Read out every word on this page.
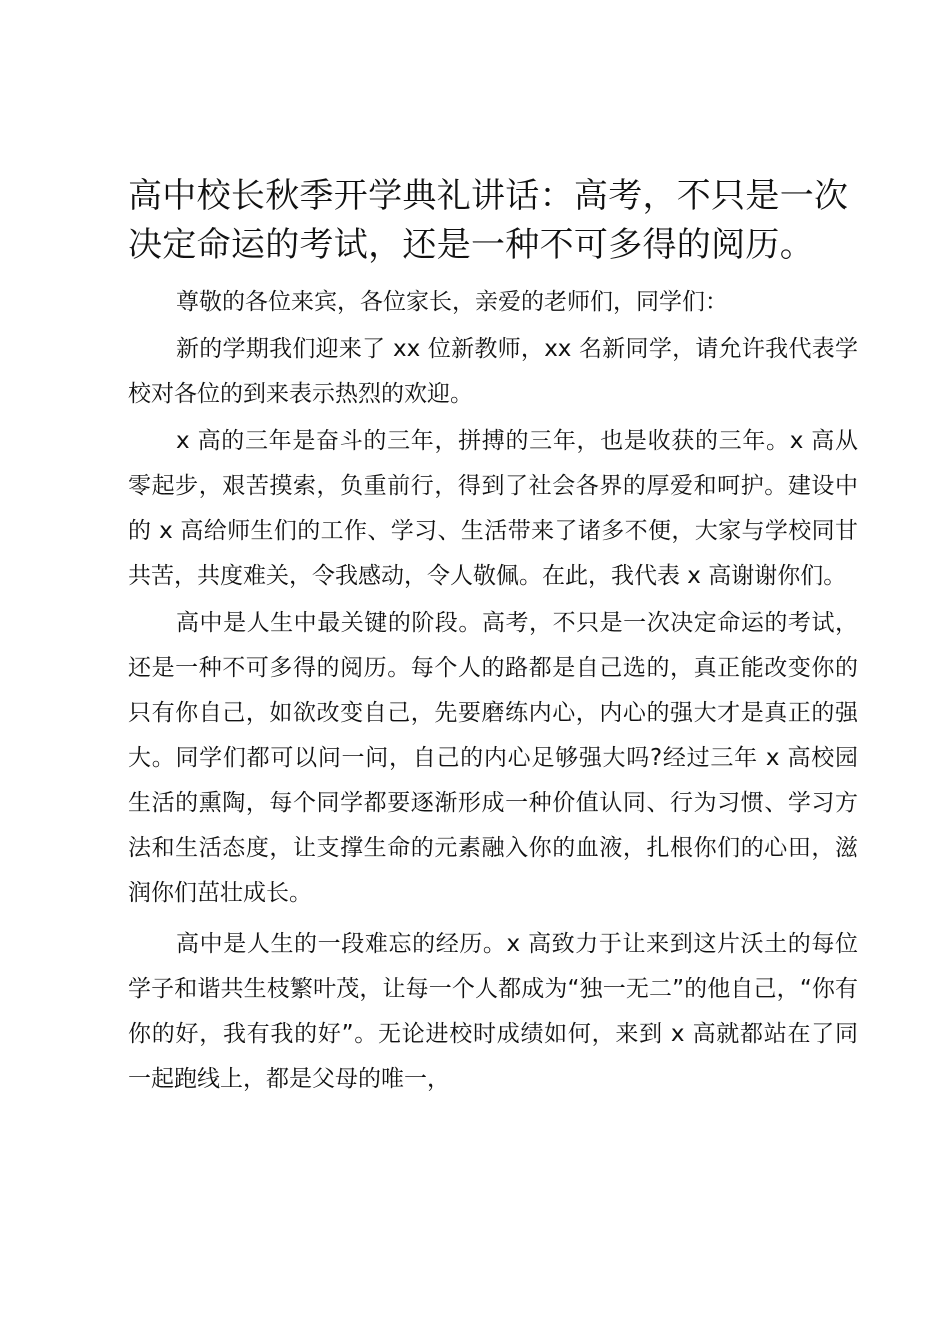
高中校长秋季开学典礼讲话：高考，不只是一次决定命运的考试，还是一种不可多得的阅历。

尊敬的各位来宾，各位家长，亲爱的老师们，同学们：

新的学期我们迎来了 xx 位新教师，xx 名新同学，请允许我代表学校对各位的到来表示热烈的欢迎。

x 高的三年是奋斗的三年，拼搏的三年，也是收获的三年。x 高从零起步，艰苦摸索，负重前行，得到了社会各界的厚爱和呵护。建设中的 x 高给师生们的工作、学习、生活带来了诸多不便，大家与学校同甘共苦，共度难关，令我感动，令人敬佩。在此，我代表 x 高谢谢你们。

高中是人生中最关键的阶段。高考，不只是一次决定命运的考试，还是一种不可多得的阅历。每个人的路都是自己选的，真正能改变你的只有你自己，如欲改变自己，先要磨练内心，内心的强大才是真正的强大。同学们都可以问一问，自己的内心足够强大吗?经过三年 x 高校园生活的熏陶，每个同学都要逐渐形成一种价值认同、行为习惯、学习方法和生活态度，让支撑生命的元素融入你的血液，扎根你们的心田，滋润你们茁壮成长。

高中是人生的一段难忘的经历。x 高致力于让来到这片沃土的每位学子和谐共生枝繁叶茂，让每一个人都成为“独一无二”的他自己，“你有你的好，我有我的好”。无论进校时成绩如何，来到 x 高就都站在了同一起跑线上，都是父母的唯一，
